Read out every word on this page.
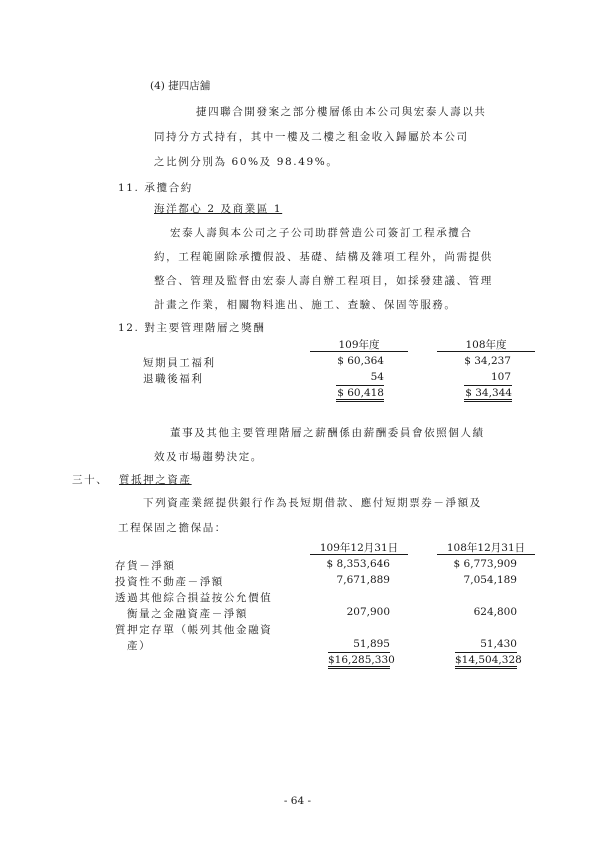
(4) 捷四店舖
捷四聯合開發案之部分樓層係由本公司與宏泰人壽以共
同持分方式持有，其中一樓及二樓之租金收入歸屬於本公司
之比例分別為 60%及 98.49%。
11. 承攬合約
海洋都心 2 及商業區 1
宏泰人壽與本公司之子公司助群營造公司簽訂工程承攬合
約，工程範圍除承攬假設、基礎、結構及雜項工程外，尚需提供
整合、管理及監督由宏泰人壽自辦工程項目，如採發建議、管理
計畫之作業，相關物料進出、施工、查驗、保固等服務。
12. 對主要管理階層之獎酬
109年度	108年度
短期員工福利	$ 60,364	$ 34,237
退職後福利	54	107
$ 60,418	$ 34,344
董事及其他主要管理階層之薪酬係由薪酬委員會依照個人績
效及市場趨勢決定。
三十、 質抵押之資產
下列資產業經提供銀行作為長短期借款、應付短期票券－淨額及
工程保固之擔保品：
109年12月31日	108年12月31日
存貨－淨額	$ 8,353,646	$ 6,773,909
投資性不動產－淨額	7,671,889	7,054,189
透過其他綜合損益按公允價值
衡量之金融資產－淨額	207,900	624,800
質押定存單（帳列其他金融資
產）	51,895	51,430
$16,285,330	$14,504,328
- 64 -
